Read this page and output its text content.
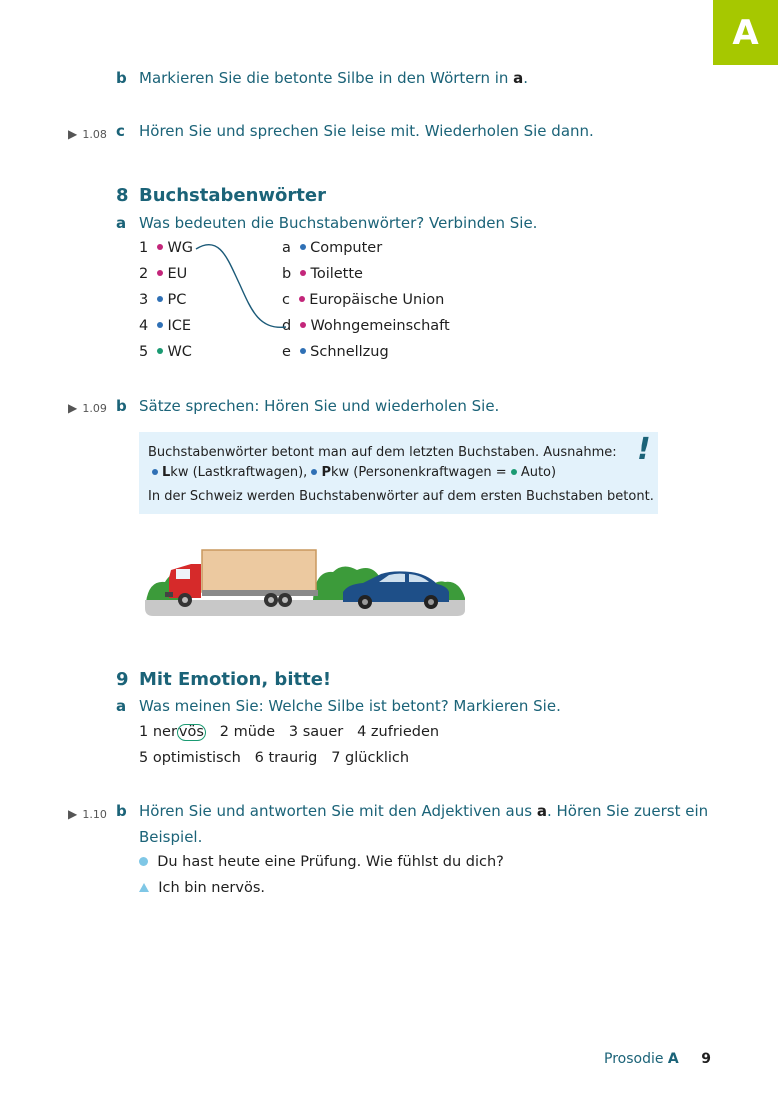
A
b Markieren Sie die betonte Silbe in den Wörtern in a.
▶ 1.08 c Hören Sie und sprechen Sie leise mit. Wiederholen Sie dann.
8 Buchstabenwörter
a Was bedeuten die Buchstabenwörter? Verbinden Sie.
1 WG
2 EU
3 PC
4 ICE
5 WC
a Computer
b Toilette
c Europäische Union
d Wohngemeinschaft
e Schnellzug
▶ 1.09 b Sätze sprechen: Hören Sie und wiederholen Sie.
!
Buchstabenwörter betont man auf dem letzten Buchstaben. Ausnahme:
Lkw (Lastkraftwagen), Pkw (Personenkraftwagen = Auto)
In der Schweiz werden Buchstabenwörter auf dem ersten Buchstaben betont.
9 Mit Emotion, bitte!
a Was meinen Sie: Welche Silbe ist betont? Markieren Sie.
1 ner vös 2 müde 3 sauer 4 zufrieden
5 optimistisch 6 traurig 7 glücklich
▶ 1.10 b Hören Sie und antworten Sie mit den Adjektiven aus a. Hören Sie zuerst ein
Beispiel.
Du hast heute eine Prüfung. Wie fühlst du dich?
Ich bin nervös.
Prosodie A 9
